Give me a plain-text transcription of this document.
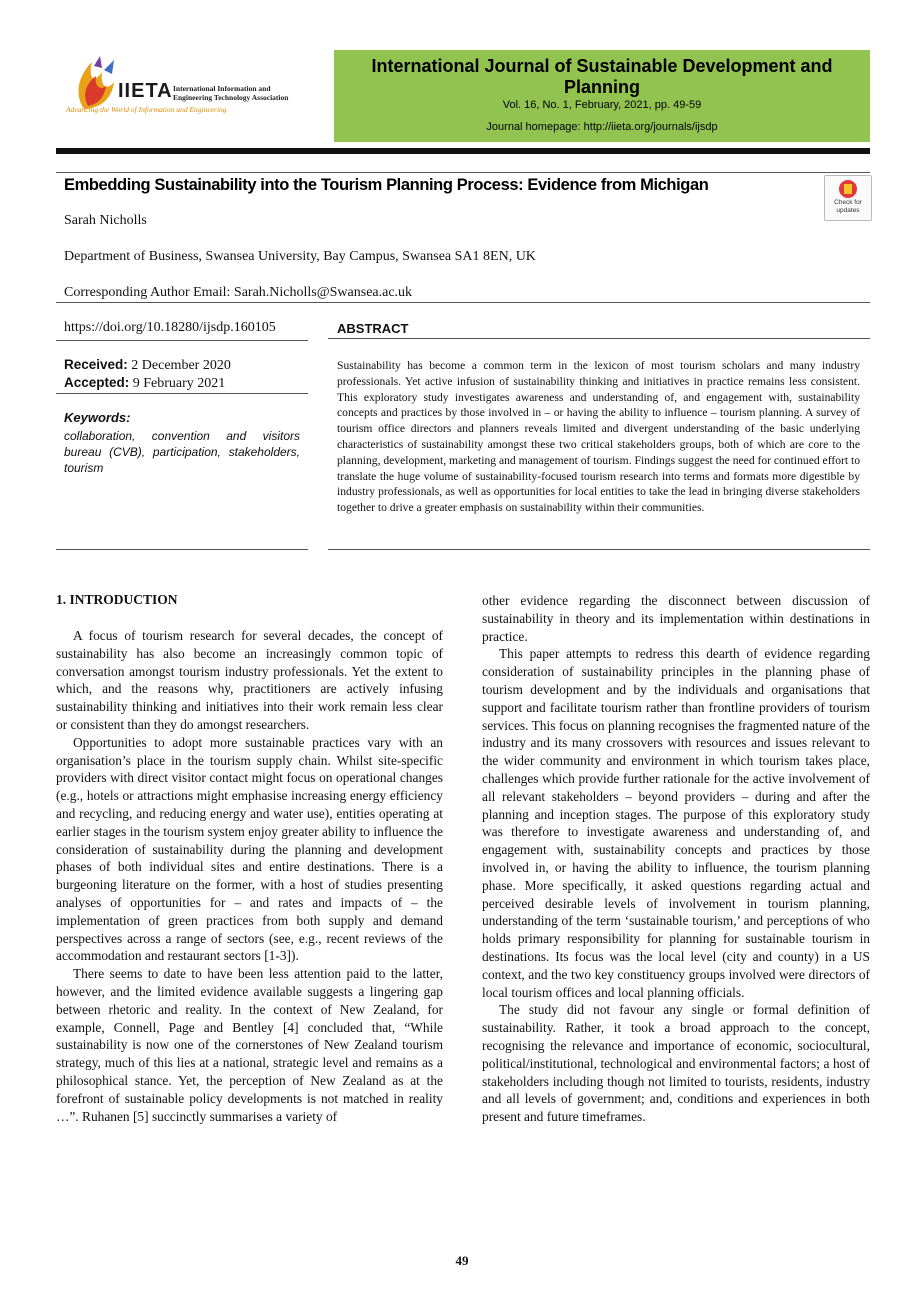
IIETA International Information and
Engineering Technology Association
Advancing the World of Information and Engineering
International Journal of Sustainable Development and Planning
Vol. 16, No. 1, February, 2021, pp. 49-59
Journal homepage: http://iieta.org/journals/ijsdp
Embedding Sustainability into the Tourism Planning Process: Evidence from Michigan
Check for
updates
Sarah Nicholls
Department of Business, Swansea University, Bay Campus, Swansea SA1 8EN, UK
Corresponding Author Email: Sarah.Nicholls@Swansea.ac.uk
https://doi.org/10.18280/ijsdp.160105
Received: 2 December 2020
Accepted: 9 February 2021
Keywords:
collaboration, convention and visitors bureau (CVB), participation, stakeholders, tourism
ABSTRACT
Sustainability has become a common term in the lexicon of most tourism scholars and many industry professionals. Yet active infusion of sustainability thinking and initiatives in practice remains less consistent. This exploratory study investigates awareness and understanding of, and engagement with, sustainability concepts and practices by those involved in – or having the ability to influence – tourism planning. A survey of tourism office directors and planners reveals limited and divergent understanding of the basic underlying characteristics of sustainability amongst these two critical stakeholders groups, both of which are core to the planning, development, marketing and management of tourism. Findings suggest the need for continued effort to translate the huge volume of sustainability-focused tourism research into terms and formats more digestible by industry professionals, as well as opportunities for local entities to take the lead in bringing diverse stakeholders together to drive a greater emphasis on sustainability within their communities.
1. INTRODUCTION

A focus of tourism research for several decades, the concept of sustainability has also become an increasingly common topic of conversation amongst tourism industry professionals. Yet the extent to which, and the reasons why, practitioners are actively infusing sustainability thinking and initiatives into their work remain less clear or consistent than they do amongst researchers.

Opportunities to adopt more sustainable practices vary with an organisation’s place in the tourism supply chain. Whilst site-specific providers with direct visitor contact might focus on operational changes (e.g., hotels or attractions might emphasise increasing energy efficiency and recycling, and reducing energy and water use), entities operating at earlier stages in the tourism system enjoy greater ability to influence the consideration of sustainability during the planning and development phases of both individual sites and entire destinations. There is a burgeoning literature on the former, with a host of studies presenting analyses of opportunities for – and rates and impacts of – the implementation of green practices from both supply and demand perspectives across a range of sectors (see, e.g., recent reviews of the accommodation and restaurant sectors [1-3]).

There seems to date to have been less attention paid to the latter, however, and the limited evidence available suggests a lingering gap between rhetoric and reality. In the context of New Zealand, for example, Connell, Page and Bentley [4] concluded that, “While sustainability is now one of the cornerstones of New Zealand tourism strategy, much of this lies at a national, strategic level and remains as a philosophical stance. Yet, the perception of New Zealand as at the forefront of sustainable policy developments is not matched in reality …”. Ruhanen [5] succinctly summarises a variety of

other evidence regarding the disconnect between discussion of sustainability in theory and its implementation within destinations in practice.

This paper attempts to redress this dearth of evidence regarding consideration of sustainability principles in the planning phase of tourism development and by the individuals and organisations that support and facilitate tourism rather than frontline providers of tourism services. This focus on planning recognises the fragmented nature of the industry and its many crossovers with resources and issues relevant to the wider community and environment in which tourism takes place, challenges which provide further rationale for the active involvement of all relevant stakeholders – beyond providers – during and after the planning and inception stages. The purpose of this exploratory study was therefore to investigate awareness and understanding of, and engagement with, sustainability concepts and practices by those involved in, or having the ability to influence, the tourism planning phase. More specifically, it asked questions regarding actual and perceived desirable levels of involvement in tourism planning, understanding of the term ‘sustainable tourism,’ and perceptions of who holds primary responsibility for planning for sustainable tourism in destinations. Its focus was the local level (city and county) in a US context, and the two key constituency groups involved were directors of local tourism offices and local planning officials.

The study did not favour any single or formal definition of sustainability. Rather, it took a broad approach to the concept, recognising the relevance and importance of economic, sociocultural, political/institutional, technological and environmental factors; a host of stakeholders including though not limited to tourists, residents, industry and all levels of government; and, conditions and experiences in both present and future timeframes.

49
